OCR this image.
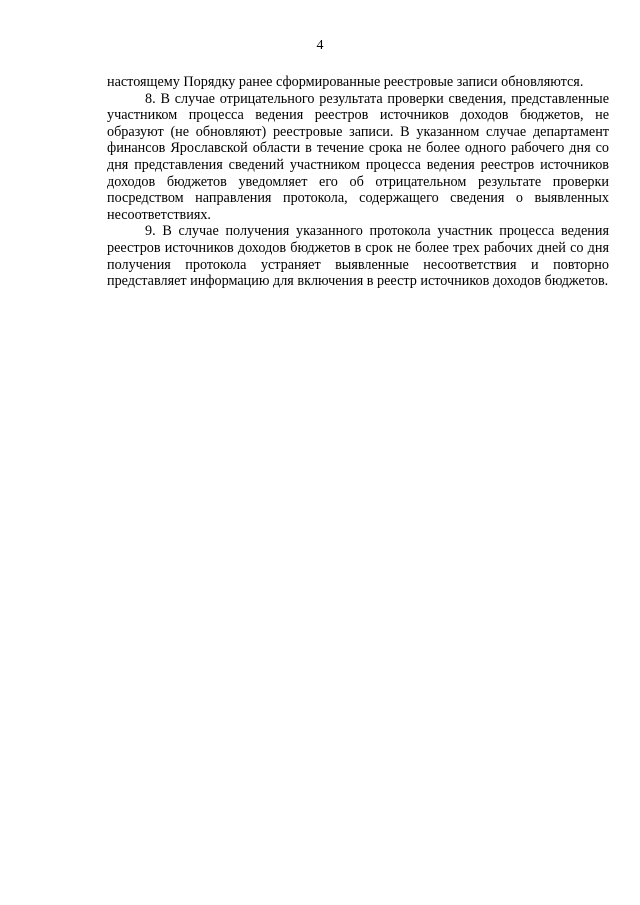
4

настоящему Порядку ранее сформированные реестровые записи обновляются.

8. В случае отрицательного результата проверки сведения, представленные участником процесса ведения реестров источников доходов бюджетов, не образуют (не обновляют) реестровые записи. В указанном случае департамент финансов Ярославской области в течение срока не более одного рабочего дня со дня представления сведений участником процесса ведения реестров источников доходов бюджетов уведомляет его об отрицательном результате проверки посредством направления протокола, содержащего сведения о выявленных несоответствиях.

9. В случае получения указанного протокола участник процесса ведения реестров источников доходов бюджетов в срок не более трех рабочих дней со дня получения протокола устраняет выявленные несоответствия и повторно представляет информацию для включения в реестр источников доходов бюджетов.
